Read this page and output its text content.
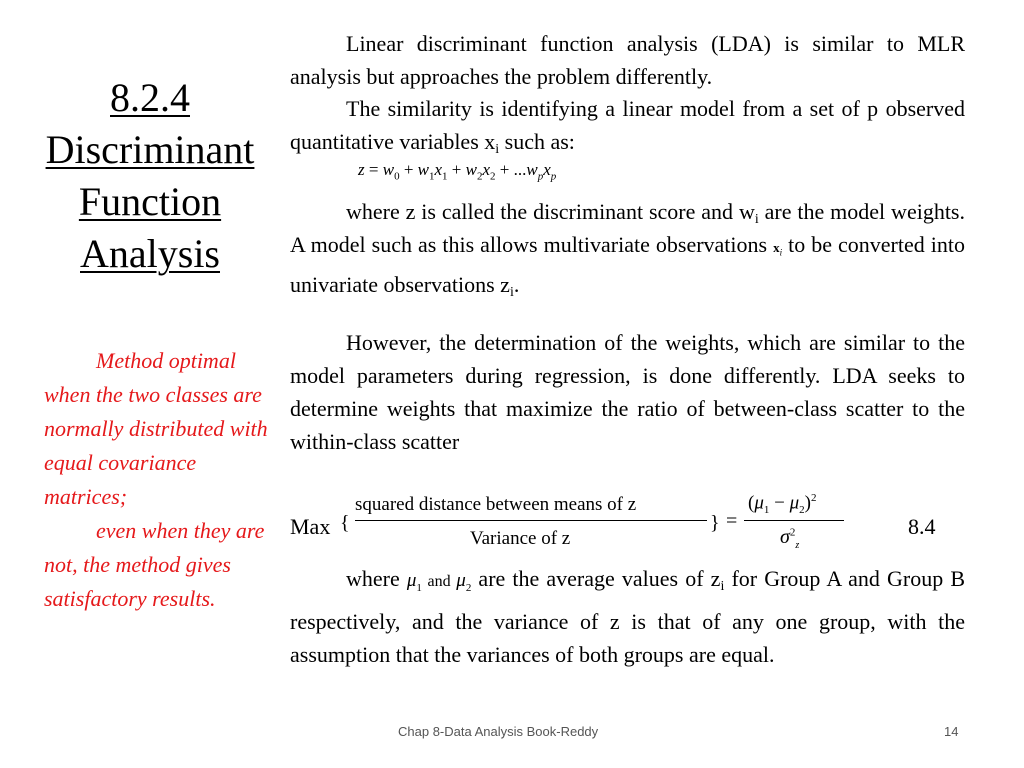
8.2.4
Discriminant
Function
Analysis

Method optimal when the two classes are normally distributed with equal covariance matrices;

even when they are not, the method gives satisfactory results.

Linear discriminant function analysis (LDA) is similar to MLR analysis but approaches the problem differently.

The similarity is identifying a linear model from a set of p observed quantitative variables $x_i$ such as:

$z = w_0 + w_1x_1 + w_2x_2 + ...w_px_p$

where z is called the discriminant score and $w_i$ are the model weights. A model such as this allows multivariate observations $x_i$ to be converted into univariate observations $z_i$.

However, the determination of the weights, which are similar to the model parameters during regression, is done differently. LDA seeks to determine weights that maximize the ratio of between-class scatter to the within-class scatter

Max {
squared distance between means of z
Variance of z
} =
$(\mu_1 - \mu_2)^2$
$\sigma^2_z$
8.4

where $\mu_1$ and $\mu_2$ are the average values of $z_i$ for Group A and Group B respectively, and the variance of z is that of any one group, with the assumption that the variances of both groups are equal.

Chap 8-Data Analysis Book-Reddy	14
